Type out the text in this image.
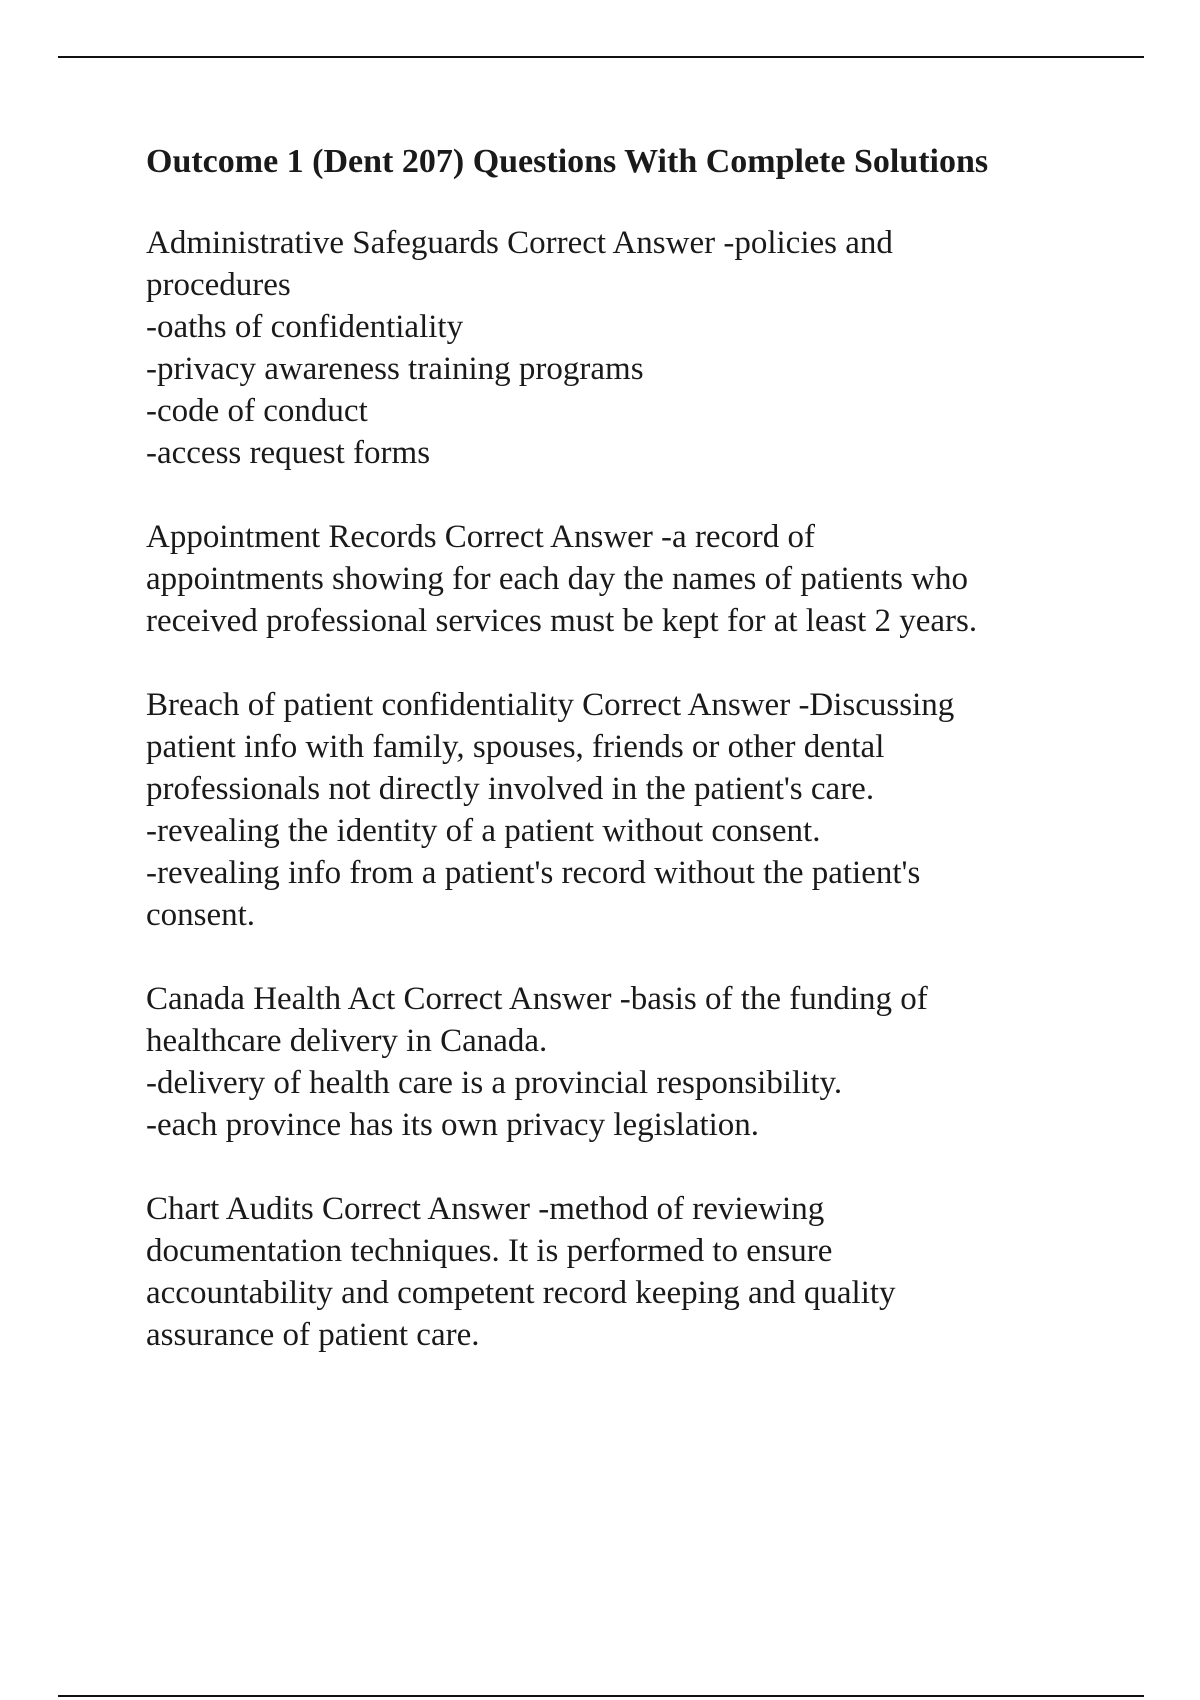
Outcome 1 (Dent 207) Questions With Complete Solutions
Administrative Safeguards Correct Answer -policies and
procedures
-oaths of confidentiality
-privacy awareness training programs
-code of conduct
-access request forms
Appointment Records Correct Answer -a record of
appointments showing for each day the names of patients who
received professional services must be kept for at least 2 years.
Breach of patient confidentiality Correct Answer -Discussing
patient info with family, spouses, friends or other dental
professionals not directly involved in the patient's care.
-revealing the identity of a patient without consent.
-revealing info from a patient's record without the patient's
consent.
Canada Health Act Correct Answer -basis of the funding of
healthcare delivery in Canada.
-delivery of health care is a provincial responsibility.
-each province has its own privacy legislation.
Chart Audits Correct Answer -method of reviewing
documentation techniques. It is performed to ensure
accountability and competent record keeping and quality
assurance of patient care.
